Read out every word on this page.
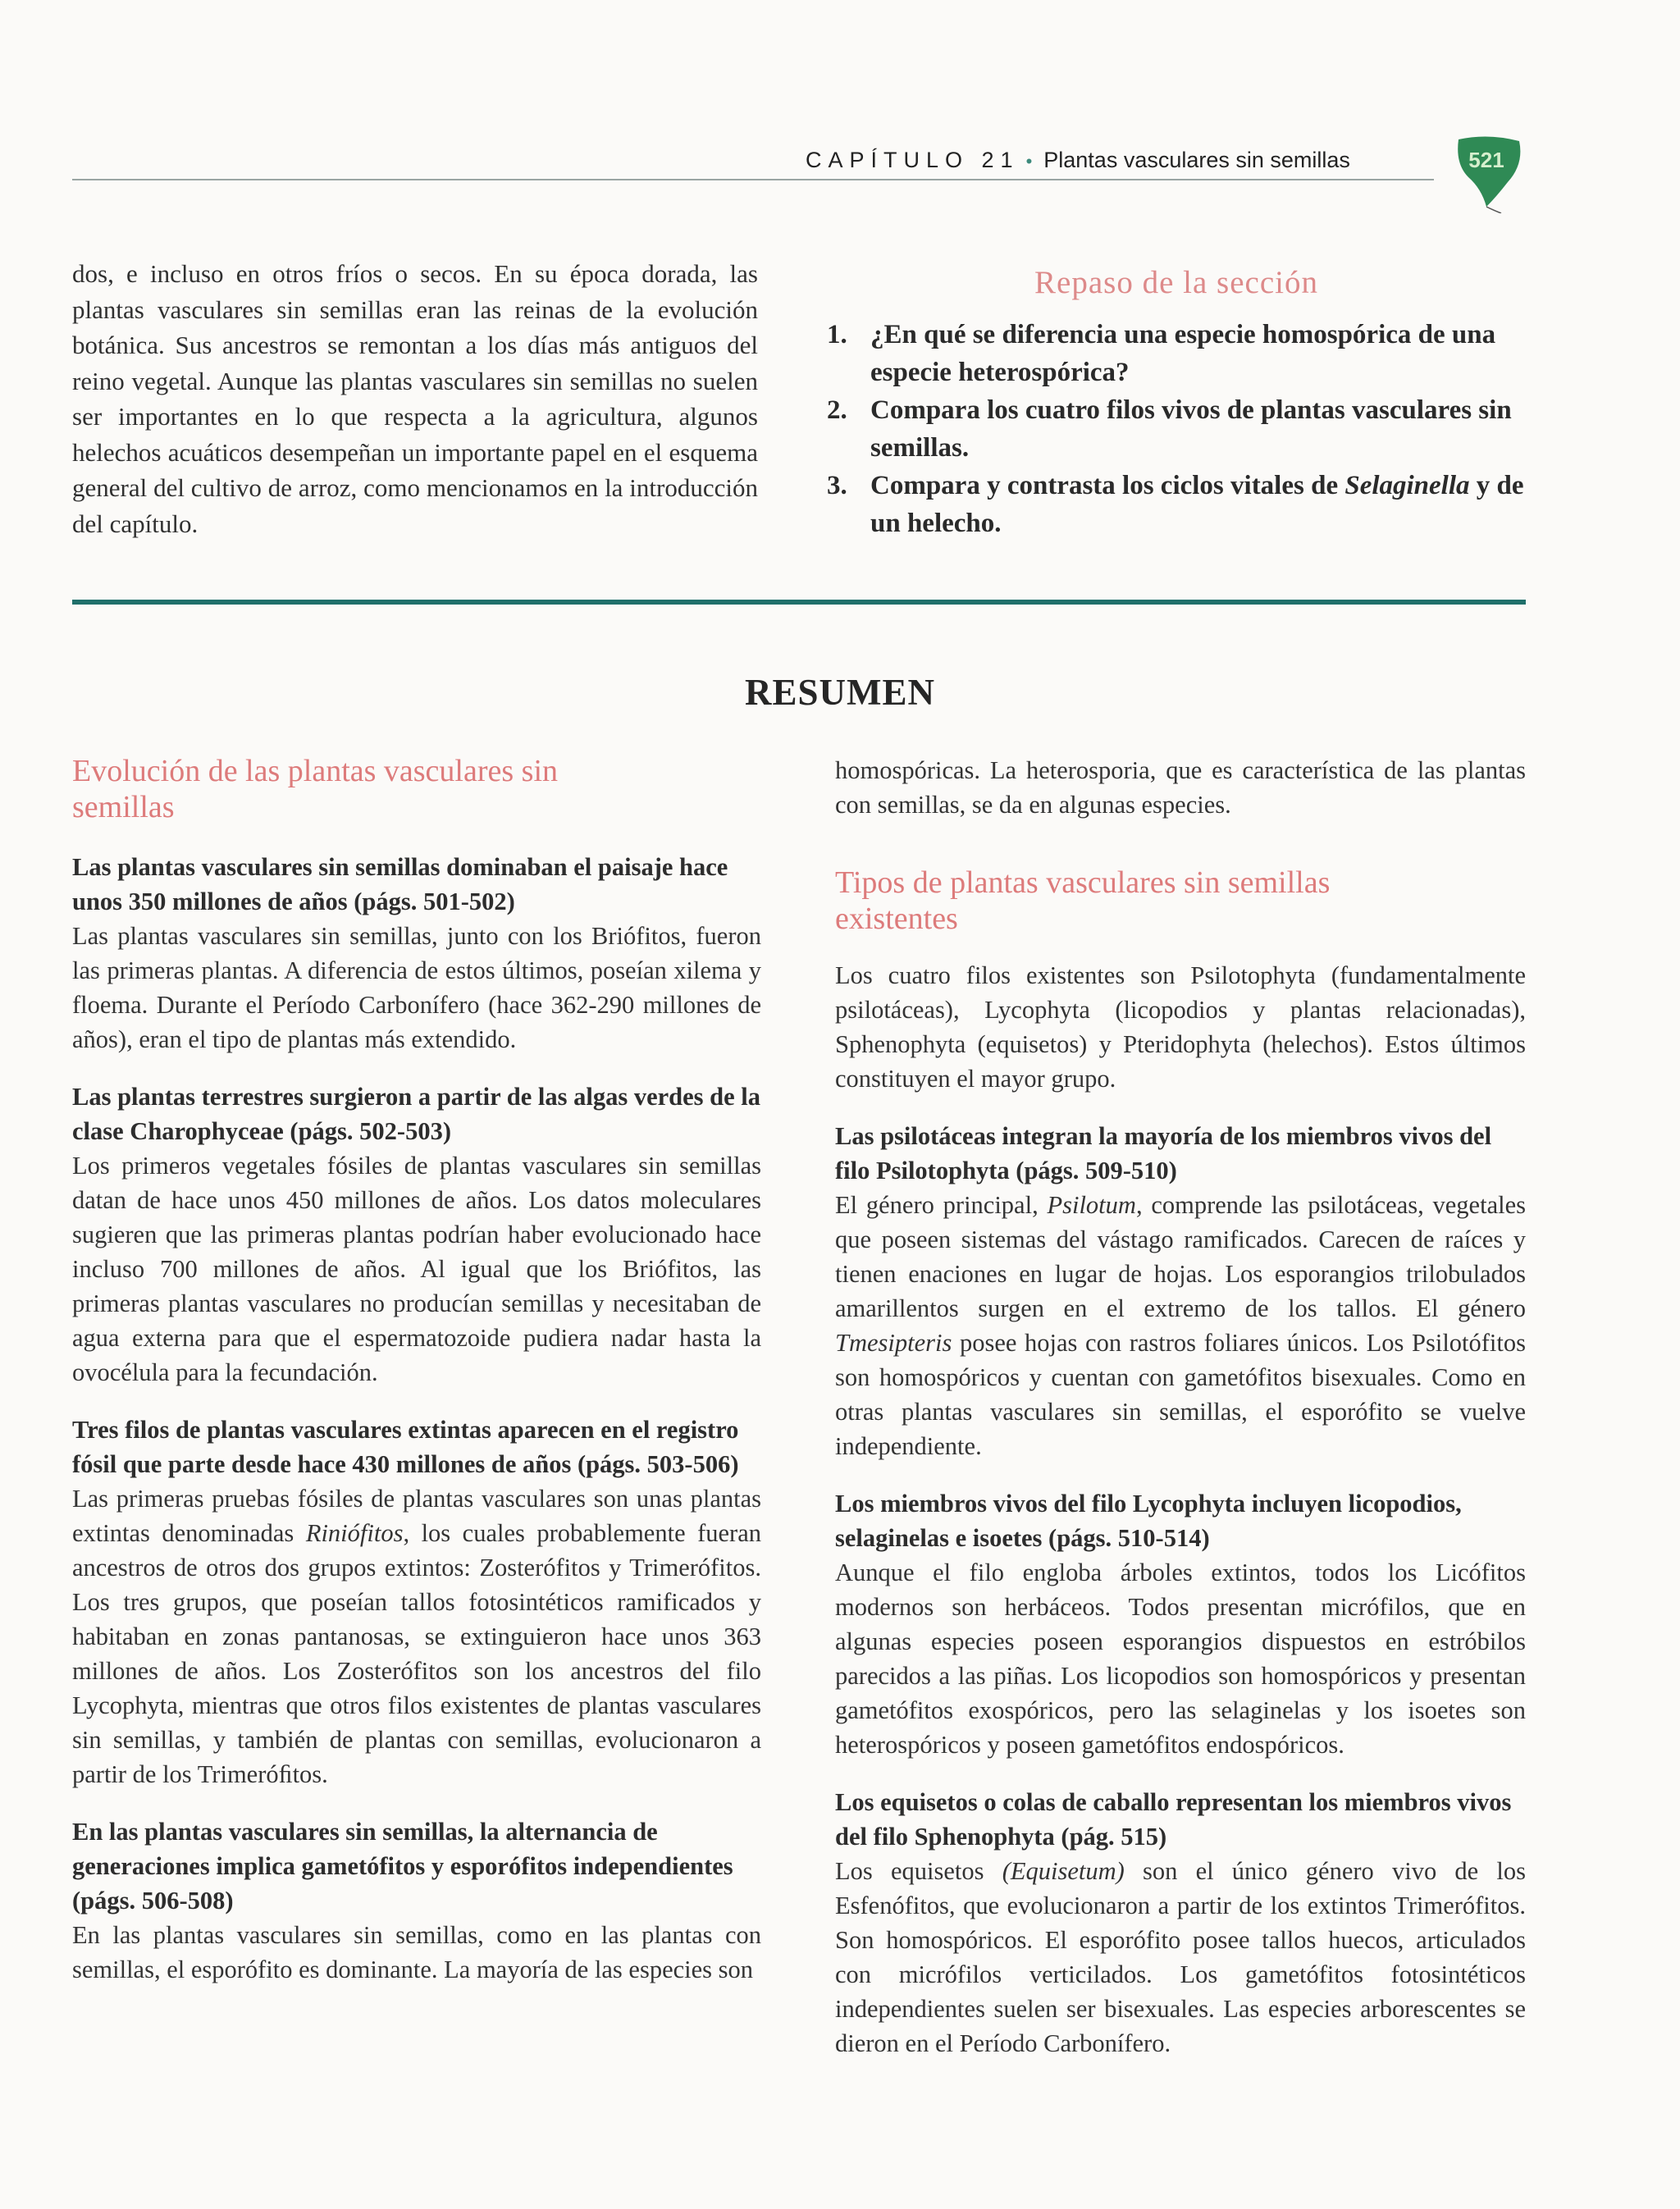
CAPÍTULO 21 • Plantas vasculares sin semillas	521
dos, e incluso en otros fríos o secos. En su época dorada, las plantas vasculares sin semillas eran las reinas de la evolución botánica. Sus ancestros se remontan a los días más antiguos del reino vegetal. Aunque las plantas vasculares sin semillas no suelen ser importantes en lo que respecta a la agricultura, algunos helechos acuáticos desempeñan un importante papel en el esquema general del cultivo de arroz, como mencionamos en la introducción del capítulo.
Repaso de la sección
1. ¿En qué se diferencia una especie homospórica de una especie heterospórica?
2. Compara los cuatro filos vivos de plantas vasculares sin semillas.
3. Compara y contrasta los ciclos vitales de Selaginella y de un helecho.
RESUMEN
Evolución de las plantas vasculares sin semillas

Las plantas vasculares sin semillas dominaban el paisaje hace unos 350 millones de años (págs. 501-502)

Las plantas vasculares sin semillas, junto con los Briófitos, fueron las primeras plantas. A diferencia de estos últimos, poseían xilema y floema. Durante el Período Carbonífero (hace 362-290 millones de años), eran el tipo de plantas más extendido.

Las plantas terrestres surgieron a partir de las algas verdes de la clase Charophyceae (págs. 502-503)

Los primeros vegetales fósiles de plantas vasculares sin semillas datan de hace unos 450 millones de años. Los datos moleculares sugieren que las primeras plantas podrían haber evolucionado hace incluso 700 millones de años. Al igual que los Briófitos, las primeras plantas vasculares no producían semillas y necesitaban de agua externa para que el espermatozoide pudiera nadar hasta la ovocélula para la fecundación.

Tres filos de plantas vasculares extintas aparecen en el registro fósil que parte desde hace 430 millones de años (págs. 503-506)

Las primeras pruebas fósiles de plantas vasculares son unas plantas extintas denominadas Riniófitos, los cuales probablemente fueran ancestros de otros dos grupos extintos: Zosterófitos y Trimerófitos. Los tres grupos, que poseían tallos fotosintéticos ramificados y habitaban en zonas pantanosas, se extinguieron hace unos 363 millones de años. Los Zosterófitos son los ancestros del filo Lycophyta, mientras que otros filos existentes de plantas vasculares sin semillas, y también de plantas con semillas, evolucionaron a partir de los Trimeróﬁtos.

En las plantas vasculares sin semillas, la alternancia de generaciones implica gametófitos y esporófitos independientes (págs. 506-508)

En las plantas vasculares sin semillas, como en las plantas con semillas, el esporófito es dominante. La mayoría de las especies son

homospóricas. La heterosporia, que es característica de las plantas con semillas, se da en algunas especies.

Tipos de plantas vasculares sin semillas existentes

Los cuatro filos existentes son Psilotophyta (fundamentalmente psilotáceas), Lycophyta (licopodios y plantas relacionadas), Sphenophyta (equisetos) y Pteridophyta (helechos). Estos últimos constituyen el mayor grupo.

Las psilotáceas integran la mayoría de los miembros vivos del filo Psilotophyta (págs. 509-510)

El género principal, Psilotum, comprende las psilotáceas, vegetales que poseen sistemas del vástago ramificados. Carecen de raíces y tienen enaciones en lugar de hojas. Los esporangios trilobulados amarillentos surgen en el extremo de los tallos. El género Tmesipteris posee hojas con rastros foliares únicos. Los Psilotófitos son homospóricos y cuentan con gametófitos bisexuales. Como en otras plantas vasculares sin semillas, el esporófito se vuelve independiente.

Los miembros vivos del filo Lycophyta incluyen licopodios, selaginelas e isoetes (págs. 510-514)

Aunque el filo engloba árboles extintos, todos los Licófitos modernos son herbáceos. Todos presentan micrófilos, que en algunas especies poseen esporangios dispuestos en estróbilos parecidos a las piñas. Los licopodios son homospóricos y presentan gametófitos exospóricos, pero las selaginelas y los isoetes son heterospóricos y poseen gametófitos endospóricos.

Los equisetos o colas de caballo representan los miembros vivos del filo Sphenophyta (pág. 515)

Los equisetos (Equisetum) son el único género vivo de los Esfenófitos, que evolucionaron a partir de los extintos Trimerófitos. Son homospóricos. El esporófito posee tallos huecos, articulados con micrófilos verticilados. Los gametófitos fotosintéticos independientes suelen ser bisexuales. Las especies arborescentes se dieron en el Período Carbonífero.
